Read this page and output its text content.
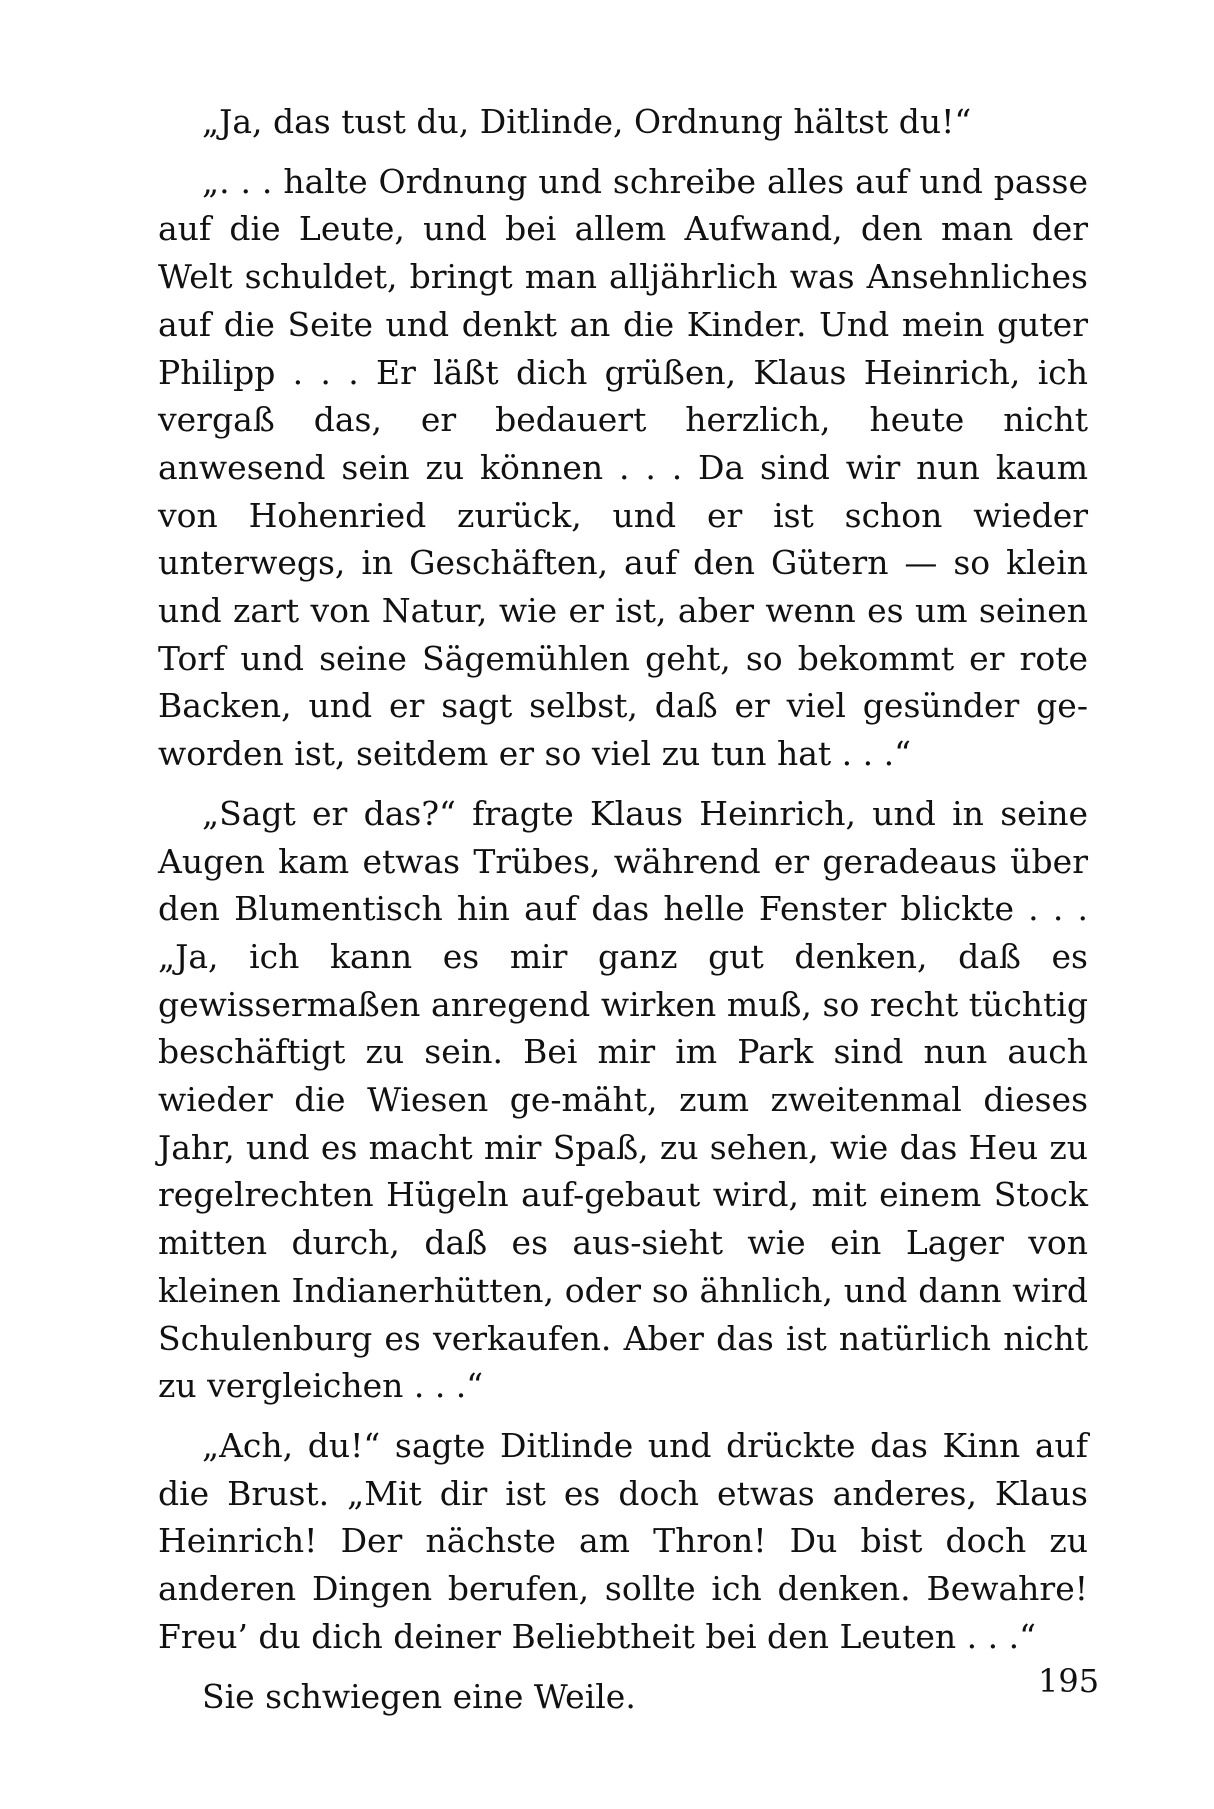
„Ja, das tust du, Ditlinde, Ordnung hältst du!“

„. . . halte Ordnung und schreibe alles auf und passe auf die Leute, und bei allem Aufwand, den man der Welt schuldet, bringt man alljährlich was Ansehnliches auf die Seite und denkt an die Kinder. Und mein guter Philipp . . . Er läßt dich grüßen, Klaus Heinrich, ich vergaß das, er bedauert herzlich, heute nicht anwesend sein zu können . . . Da sind wir nun kaum von Hohenried zurück, und er ist schon wieder unterwegs, in Geschäften, auf den Gütern — so klein und zart von Natur, wie er ist, aber wenn es um seinen Torf und seine Sägemühlen geht, so bekommt er rote Backen, und er sagt selbst, daß er viel gesünder ge-worden ist, seitdem er so viel zu tun hat . . .“

„Sagt er das?“ fragte Klaus Heinrich, und in seine Augen kam etwas Trübes, während er geradeaus über den Blumentisch hin auf das helle Fenster blickte . . . „Ja, ich kann es mir ganz gut denken, daß es gewissermaßen anregend wirken muß, so recht tüchtig beschäftigt zu sein. Bei mir im Park sind nun auch wieder die Wiesen ge-mäht, zum zweitenmal dieses Jahr, und es macht mir Spaß, zu sehen, wie das Heu zu regelrechten Hügeln auf-gebaut wird, mit einem Stock mitten durch, daß es aus-sieht wie ein Lager von kleinen Indianerhütten, oder so ähnlich, und dann wird Schulenburg es verkaufen. Aber das ist natürlich nicht zu vergleichen . . .“

„Ach, du!“ sagte Ditlinde und drückte das Kinn auf die Brust. „Mit dir ist es doch etwas anderes, Klaus Heinrich! Der nächste am Thron! Du bist doch zu anderen Dingen berufen, sollte ich denken. Bewahre! Freu’ du dich deiner Beliebtheit bei den Leuten . . .“

Sie schwiegen eine Weile.	195
